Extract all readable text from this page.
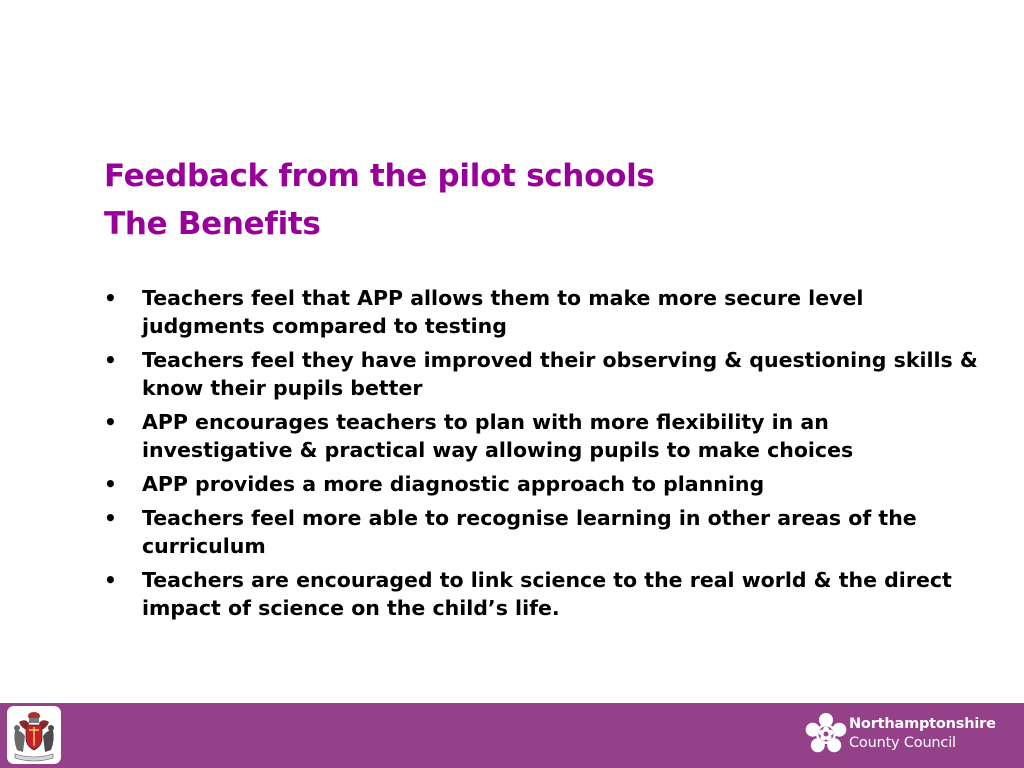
Feedback from the pilot schools
The Benefits
•	Teachers feel that APP allows them to make more secure level judgments compared to testing
•	Teachers feel they have improved their observing & questioning skills & know their pupils better
•	APP encourages teachers to plan with more flexibility in an investigative & practical way allowing pupils to make choices
•	APP provides a more diagnostic approach to planning
•	Teachers feel more able to recognise learning in other areas of the curriculum
•	Teachers are encouraged to link science to the real world & the direct impact of science on the child’s life.
Northamptonshire
County Council
